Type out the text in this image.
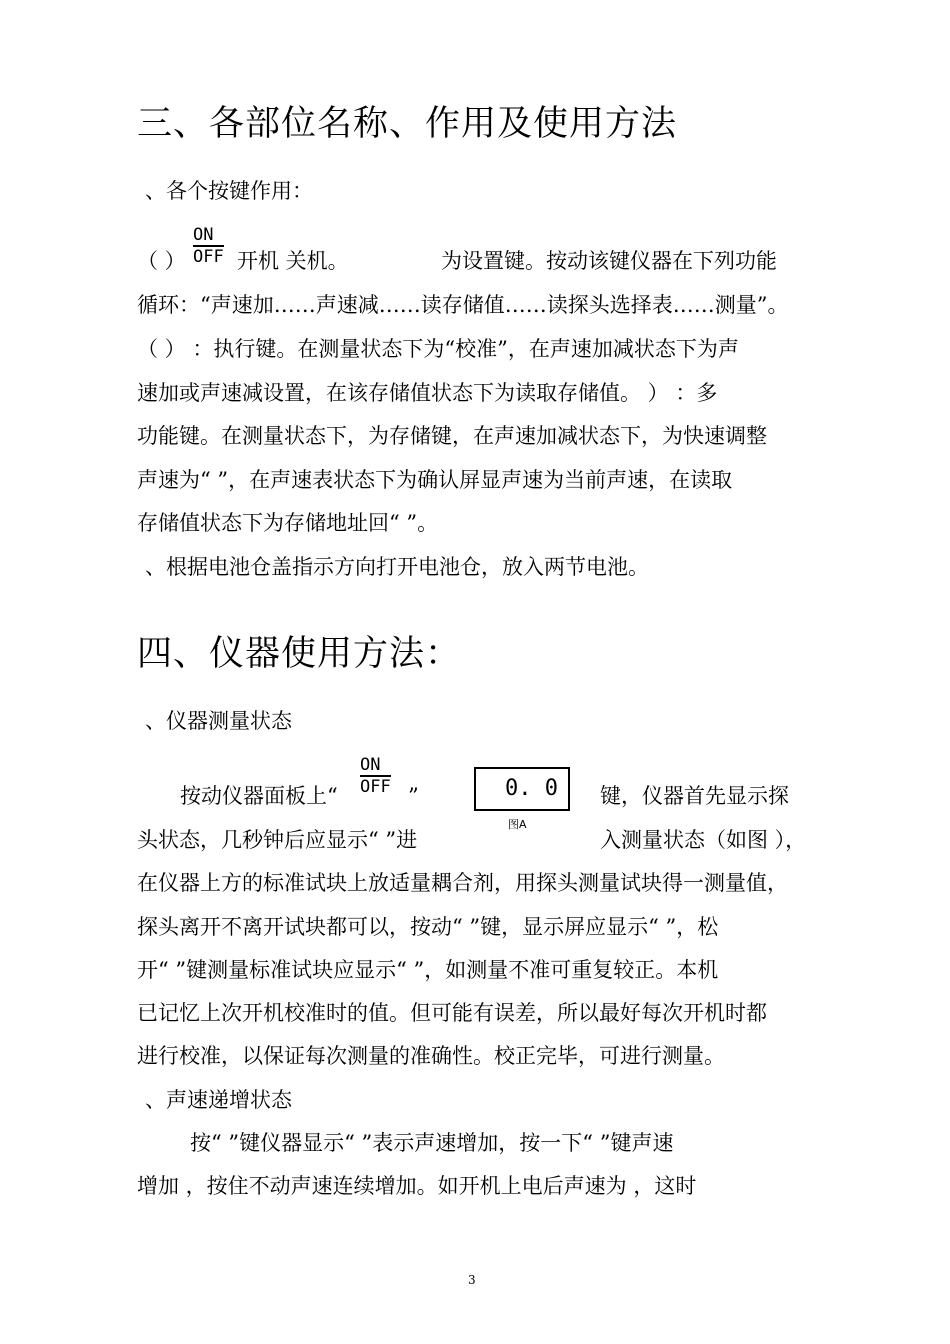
三、各部位名称、作用及使用方法
、各个按键作用：
（ ）
ON
OFF 开机 关机。	为设置键。按动该键仪器在下列功能
循环：“声速加……声速减……读存储值……读探头选择表……测量”。
（ ） ：执行键。在测量状态下为“校准”，在声速加减状态下为声
速加或声速减设置，在该存储值状态下为读取存储值。 ） ：多
功能键。在测量状态下，为存储键，在声速加减状态下，为快速调整
声速为“ ”，在声速表状态下为确认屏显声速为当前声速，在读取
存储值状态下为存储地址回“ ”。
、根据电池仓盖指示方向打开电池仓，放入两节电池。
四、仪器使用方法：
、仪器测量状态
按动仪器面板上“
ON
OFF ”	0. 0
图A
键，仪器首先显示探
头状态，几秒钟后应显示“ ”进	入测量状态（如图 ），
在仪器上方的标准试块上放适量耦合剂，用探头测量试块得一测量值，
探头离开不离开试块都可以，按动“ ”键，显示屏应显示“ ”，松
开“ ”键测量标准试块应显示“ ”，如测量不准可重复较正。本机
已记忆上次开机校准时的值。但可能有误差，所以最好每次开机时都
进行校准，以保证每次测量的准确性。校正完毕，可进行测量。
、声速递增状态
按“ ”键仪器显示“ ”表示声速增加，按一下“ ”键声速
增加 ，按住不动声速连续增加。如开机上电后声速为 ，这时
3
